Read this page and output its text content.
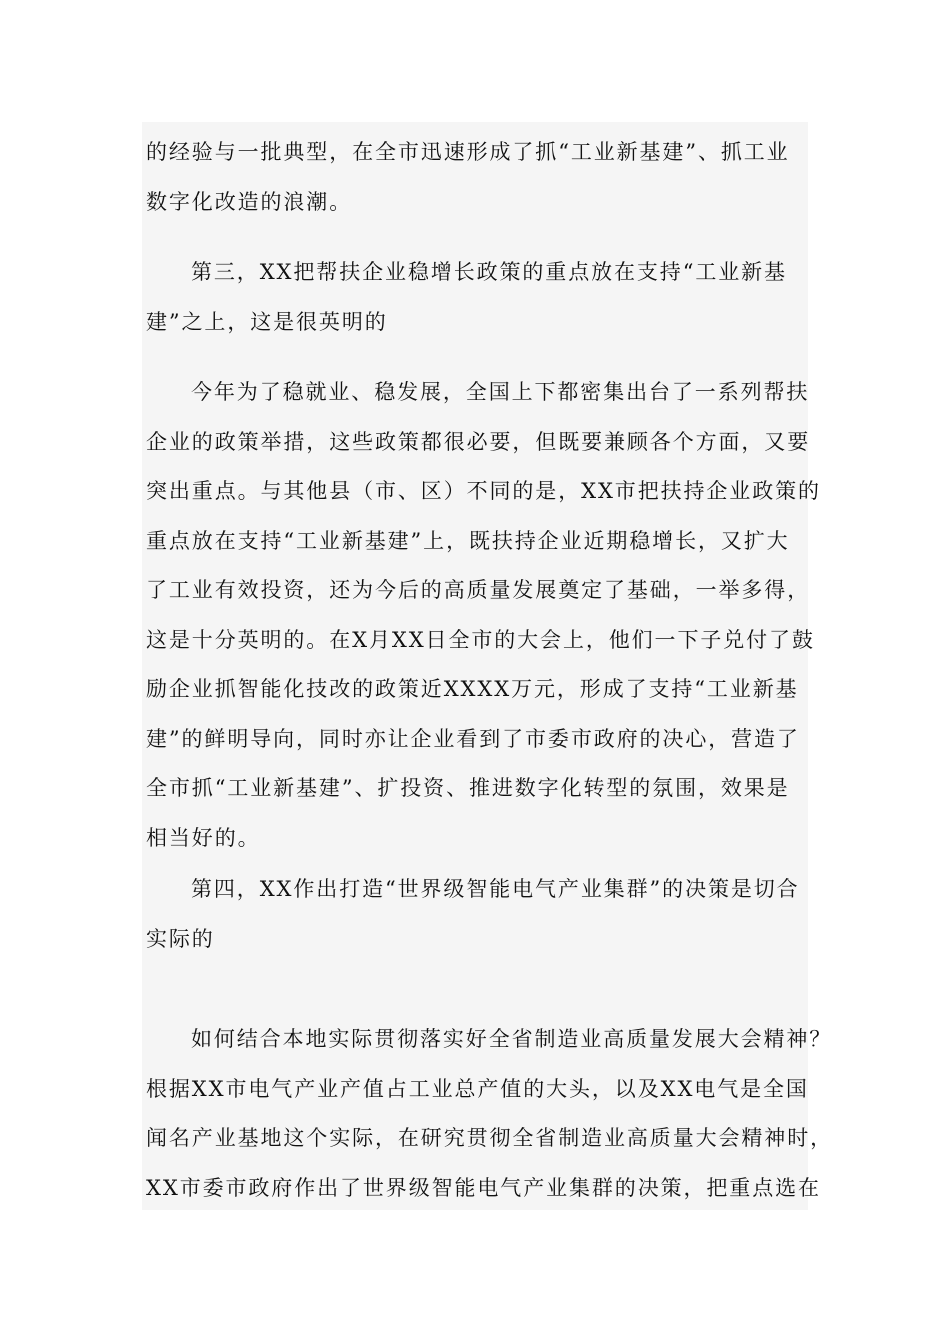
的经验与一批典型，在全市迅速形成了抓“工业新基建”、抓工业
数字化改造的浪潮。
第三，XX把帮扶企业稳增长政策的重点放在支持“工业新基
建”之上，这是很英明的
今年为了稳就业、稳发展，全国上下都密集出台了一系列帮扶
企业的政策举措，这些政策都很必要，但既要兼顾各个方面，又要
突出重点。与其他县（市、区）不同的是，XX市把扶持企业政策的
重点放在支持“工业新基建”上，既扶持企业近期稳增长，又扩大
了工业有效投资，还为今后的高质量发展奠定了基础，一举多得，
这是十分英明的。在X月XX日全市的大会上，他们一下子兑付了鼓
励企业抓智能化技改的政策近XXXX万元，形成了支持“工业新基
建”的鲜明导向，同时亦让企业看到了市委市政府的决心，营造了
全市抓“工业新基建”、扩投资、推进数字化转型的氛围，效果是
相当好的。
第四，XX作出打造“世界级智能电气产业集群”的决策是切合
实际的
如何结合本地实际贯彻落实好全省制造业高质量发展大会精神？
根据XX市电气产业产值占工业总产值的大头，以及XX电气是全国
闻名产业基地这个实际，在研究贯彻全省制造业高质量大会精神时，
XX市委市政府作出了世界级智能电气产业集群的决策，把重点选在
